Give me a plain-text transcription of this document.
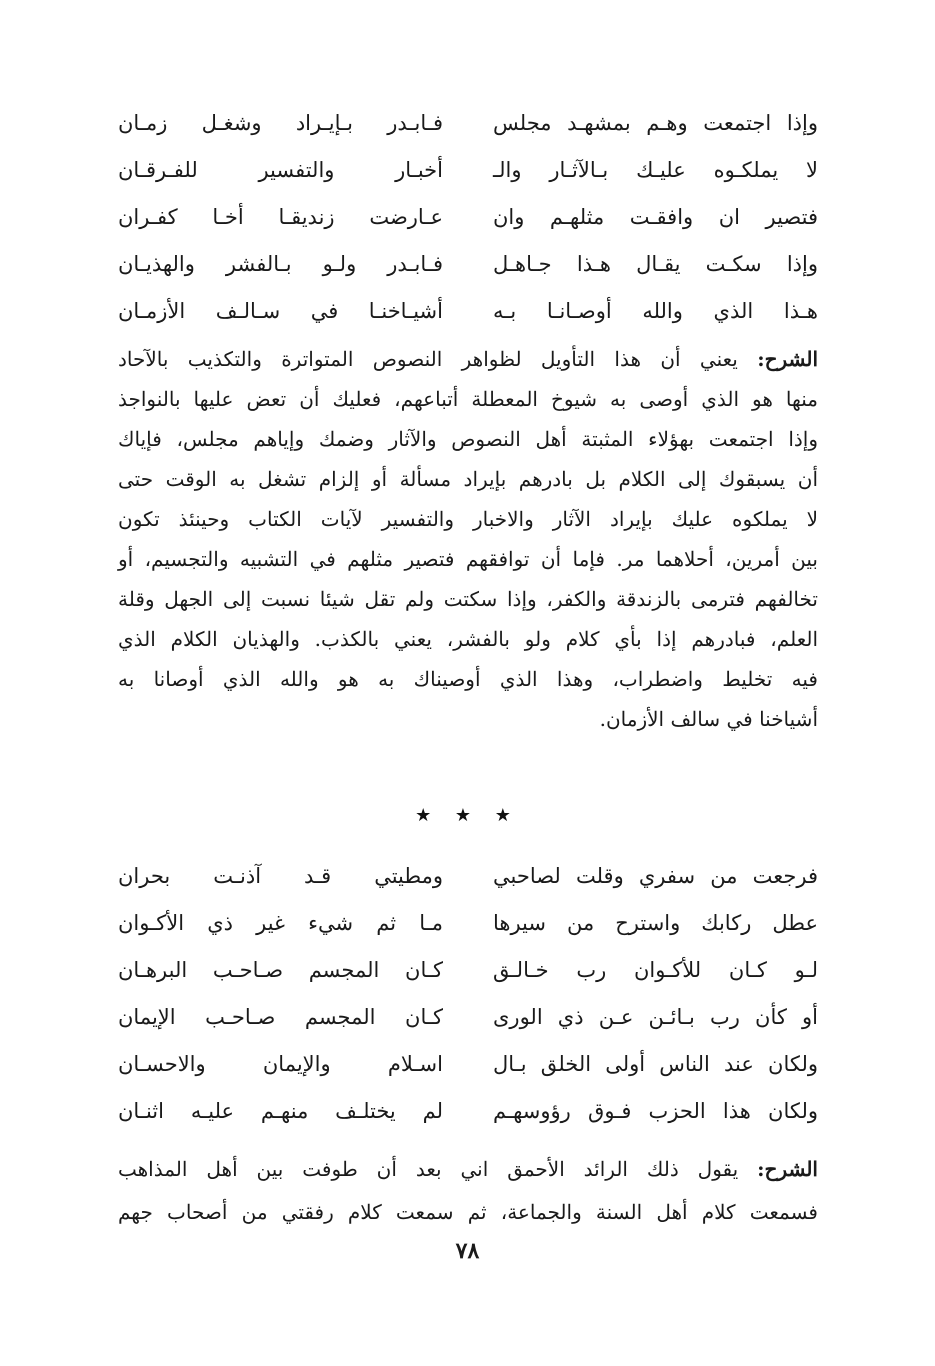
وإذا اجتمعت وهـم بمشهـد مجلس
فـابـدر بـإيـراد وشغـل زمـان
لا يملكـوه عليـك بـالآثـار والـ
أخبـار والتفسير للفـرقـان
فتصير ان وافقـت مثلهـم وان
عـارضت زنديقـا أخـا كفـران
وإذا سكـت يقـال هـذا جـاهـل
فـابـدر ولـو بـالفشر والهذيـان
هـذا الذي والله أوصـانـا بـه
أشيـاخنـا في سـالـف الأزمـان
الشرح: يعني أن هذا التأويل لظواهر النصوص المتواترة والتكذيب بالآحاد
منها هو الذي أوصى به شيوخ المعطلة أتباعهم، فعليك أن تعض عليها بالنواجذ
وإذا اجتمعت بهؤلاء المثبتة أهل النصوص والآثار وضمك وإياهم مجلس، فإياك
أن يسبقوك إلى الكلام بل بادرهم بإيراد مسألة أو إلزام تشغل به الوقت حتى
لا يملكوه عليك بإيراد الآثار والاخبار والتفسير لآيات الكتاب وحينئذ تكون
بين أمرين، أحلاهما مر. فإما أن توافقهم فتصير مثلهم في التشبيه والتجسيم، أو
تخالفهم فترمى بالزندقة والكفر، وإذا سكتت ولم تقل شيئا نسبت إلى الجهل وقلة
العلم، فبادرهم إذا بأي كلام ولو بالفشر، يعني بالكذب. والهذيان الكلام الذي
فيه تخليط واضطراب، وهذا الذي أوصيناك به هو والله الذي أوصانا به
أشياخنا في سالف الأزمان.
★ ★ ★
فرجعت من سفري وقلت لصاحبي
ومطيتي قـد آذنـت بحران
عطل ركابك واسترح من سيرها
مـا ثم شيء غير ذي الأكـوان
لـو كـان للأكـوان رب خـالـق
كـان المجسم صـاحـب البرهـان
أو كأن رب بـائـن عـن ذي الورى
كـان المجسم صـاحـب الإيمان
ولكان عند الناس أولى الخلق بـال
اسـلام والإيمان والاحسـان
ولكان هذا الحزب فـوق رؤوسهـم
لم يختلـف منهـم عليـه اثنـان
الشرح: يقول ذلك الرائد الأحمق اني بعد أن طوفت بين أهل المذاهب
فسمعت كلام أهل السنة والجماعة، ثم سمعت كلام رفقتي من أصحاب جهم
٧٨
